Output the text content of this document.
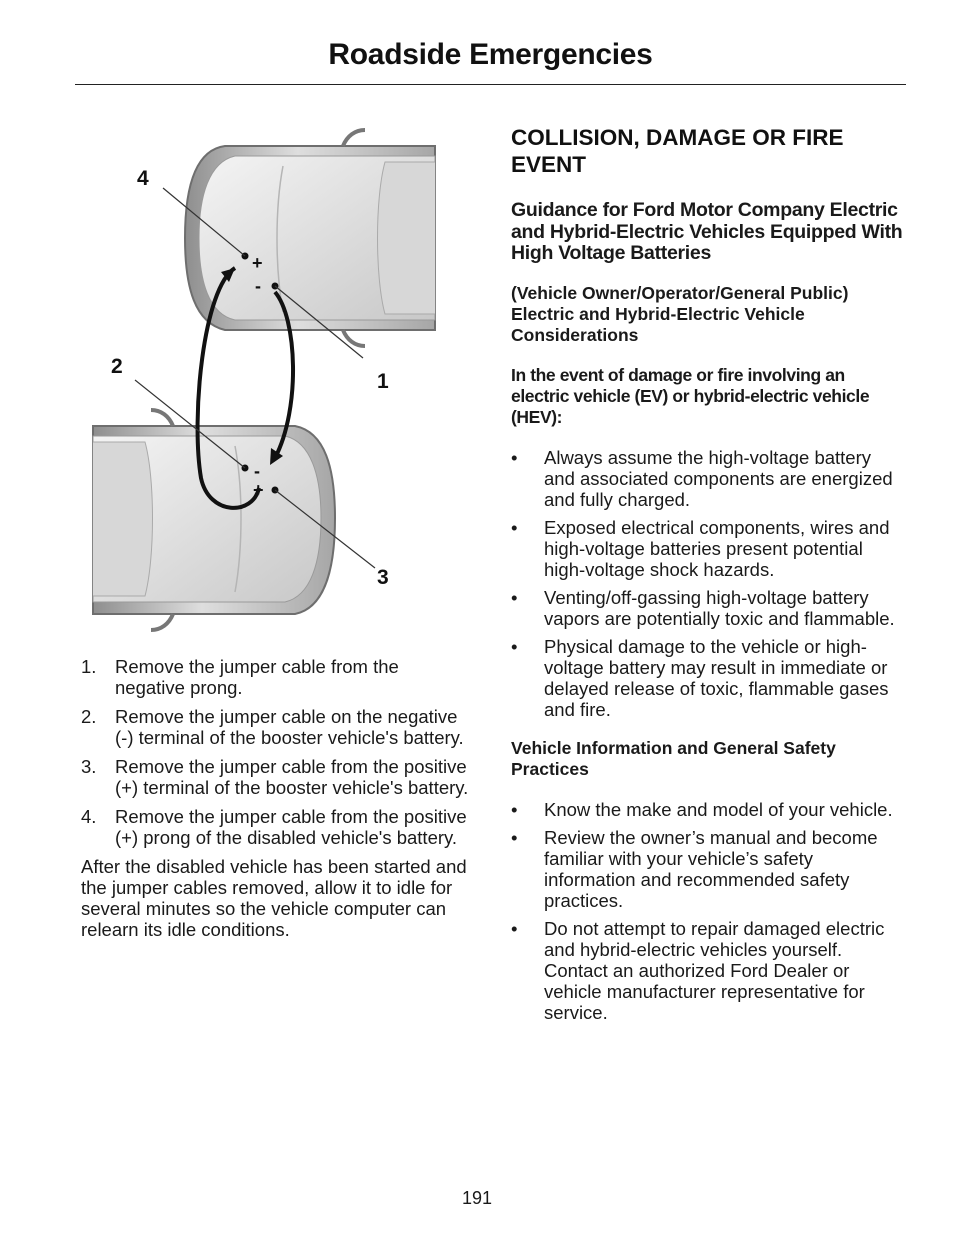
Roadside Emergencies
+
-
-
+
4
1
2
3
1. Remove the jumper cable from the negative prong.
2. Remove the jumper cable on the negative (-) terminal of the booster vehicle's battery.
3. Remove the jumper cable from the positive (+) terminal of the booster vehicle's battery.
4. Remove the jumper cable from the positive (+) prong of the disabled vehicle's battery.

After the disabled vehicle has been started and the jumper cables removed, allow it to idle for several minutes so the vehicle computer can relearn its idle conditions.

COLLISION, DAMAGE OR FIRE EVENT
Guidance for Ford Motor Company Electric and Hybrid-Electric Vehicles Equipped With High Voltage Batteries
(Vehicle Owner/Operator/General Public)
Electric and Hybrid-Electric Vehicle Considerations
In the event of damage or fire involving an electric vehicle (EV) or hybrid-electric vehicle (HEV):
• Always assume the high-voltage battery and associated components are energized and fully charged.
• Exposed electrical components, wires and high-voltage batteries present potential high-voltage shock hazards.
• Venting/off-gassing high-voltage battery vapors are potentially toxic and flammable.
• Physical damage to the vehicle or high-voltage battery may result in immediate or delayed release of toxic, flammable gases and fire.
Vehicle Information and General Safety Practices
• Know the make and model of your vehicle.
• Review the owner’s manual and become familiar with your vehicle’s safety information and recommended safety practices.
• Do not attempt to repair damaged electric and hybrid-electric vehicles yourself. Contact an authorized Ford Dealer or vehicle manufacturer representative for service.
191
